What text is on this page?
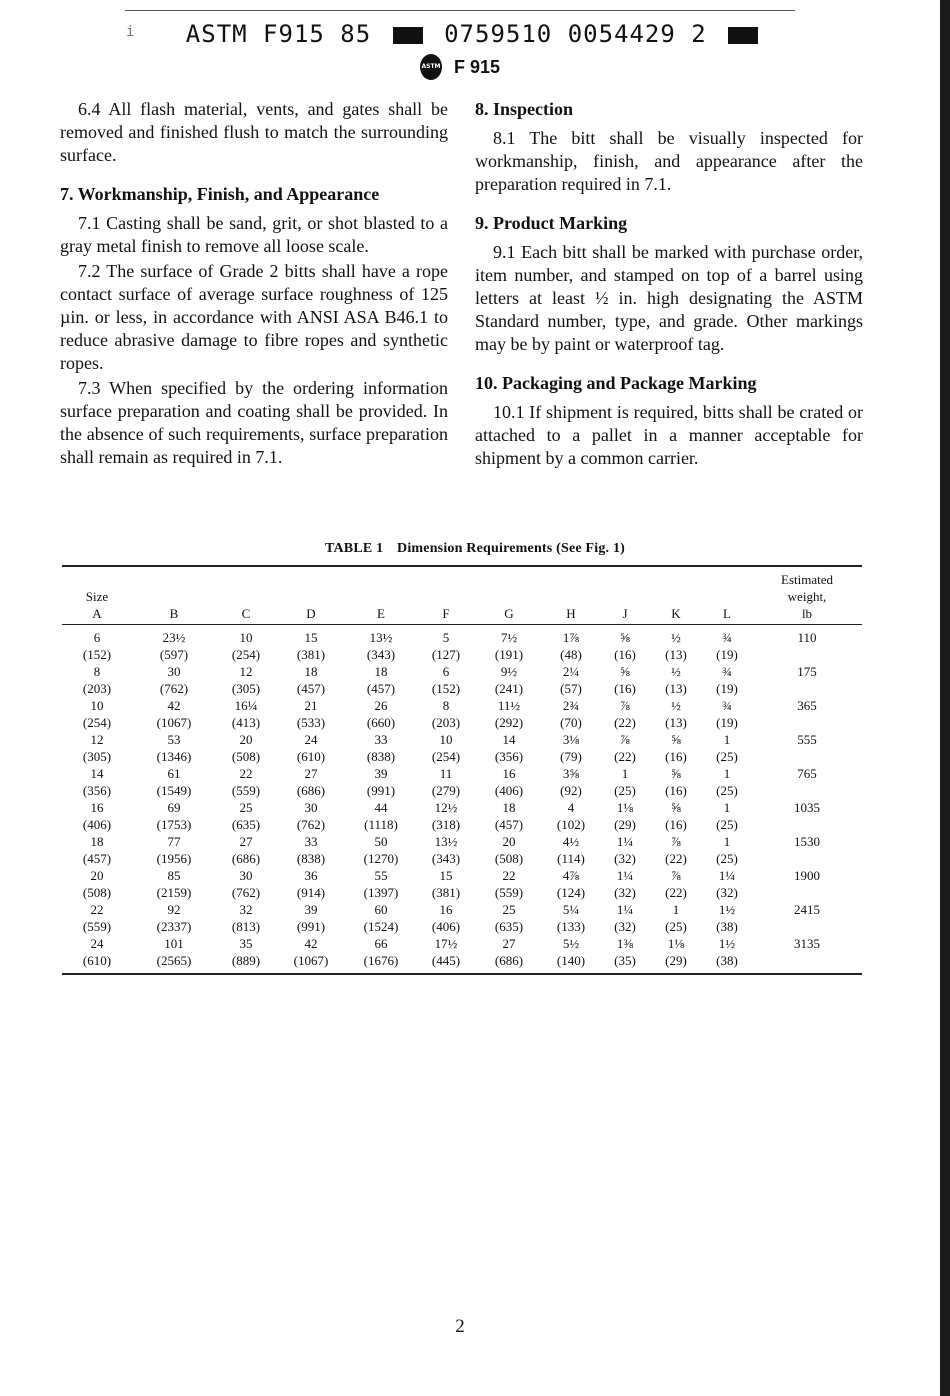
i ASTM F915 85	0759510 0054429 2
ASTM F 915

6.4 All flash material, vents, and gates shall be removed and finished flush to match the surrounding surface.

7. Workmanship, Finish, and Appearance

7.1 Casting shall be sand, grit, or shot blasted to a gray metal finish to remove all loose scale.

7.2 The surface of Grade 2 bitts shall have a rope contact surface of average surface roughness of 125 µin. or less, in accordance with ANSI ASA B46.1 to reduce abrasive damage to fibre ropes and synthetic ropes.

7.3 When specified by the ordering information surface preparation and coating shall be provided. In the absence of such requirements, surface preparation shall remain as required in 7.1.

8. Inspection

8.1 The bitt shall be visually inspected for workmanship, finish, and appearance after the preparation required in 7.1.

9. Product Marking

9.1 Each bitt shall be marked with purchase order, item number, and stamped on top of a barrel using letters at least ½ in. high designating the ASTM Standard number, type, and grade. Other markings may be by paint or waterproof tag.

10. Packaging and Package Marking

10.1 If shipment is required, bitts shall be crated or attached to a pallet in a manner acceptable for shipment by a common carrier.

TABLE 1 Dimension Requirements (See Fig. 1)
Size
A	B	C	D	E	F	G	H	J	K	L	Estimated
weight,
lb
6	23½	10	15	13½	5	7½	1⅞	⅝	½	¾	110
(152)	(597)	(254)	(381)	(343)	(127)	(191)	(48)	(16)	(13)	(19)	
8	30	12	18	18	6	9½	2¼	⅝	½	¾	175
(203)	(762)	(305)	(457)	(457)	(152)	(241)	(57)	(16)	(13)	(19)	
10	42	16¼	21	26	8	11½	2¾	⅞	½	¾	365
(254)	(1067)	(413)	(533)	(660)	(203)	(292)	(70)	(22)	(13)	(19)	
12	53	20	24	33	10	14	3⅛	⅞	⅝	1	555
(305)	(1346)	(508)	(610)	(838)	(254)	(356)	(79)	(22)	(16)	(25)	
14	61	22	27	39	11	16	3⅝	1	⅝	1	765
(356)	(1549)	(559)	(686)	(991)	(279)	(406)	(92)	(25)	(16)	(25)	
16	69	25	30	44	12½	18	4	1⅛	⅝	1	1035
(406)	(1753)	(635)	(762)	(1118)	(318)	(457)	(102)	(29)	(16)	(25)	
18	77	27	33	50	13½	20	4½	1¼	⅞	1	1530
(457)	(1956)	(686)	(838)	(1270)	(343)	(508)	(114)	(32)	(22)	(25)	
20	85	30	36	55	15	22	4⅞	1¼	⅞	1¼	1900
(508)	(2159)	(762)	(914)	(1397)	(381)	(559)	(124)	(32)	(22)	(32)	
22	92	32	39	60	16	25	5¼	1¼	1	1½	2415
(559)	(2337)	(813)	(991)	(1524)	(406)	(635)	(133)	(32)	(25)	(38)	
24	101	35	42	66	17½	27	5½	1⅜	1⅛	1½	3135
(610)	(2565)	(889)	(1067)	(1676)	(445)	(686)	(140)	(35)	(29)	(38)	
2
